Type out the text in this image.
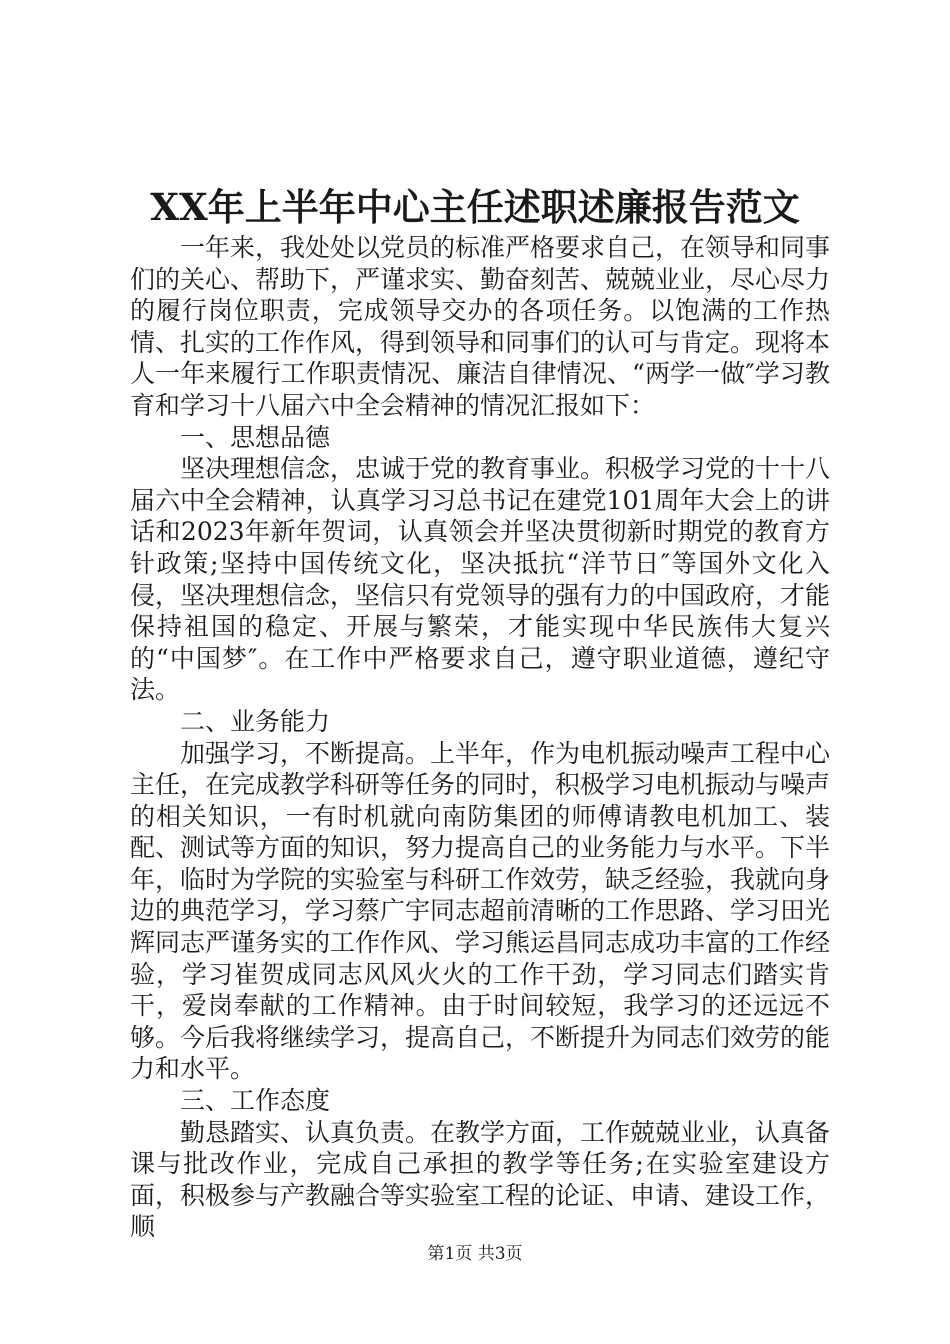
XX年上半年中心主任述职述廉报告范文

一年来，我处处以党员的标准严格要求自己，在领导和同事们的关心、帮助下，严谨求实、勤奋刻苦、兢兢业业，尽心尽力的履行岗位职责，完成领导交办的各项任务。以饱满的工作热情、扎实的工作作风，得到领导和同事们的认可与肯定。现将本人一年来履行工作职责情况、廉洁自律情况、“两学一做″学习教育和学习十八届六中全会精神的情况汇报如下：

一、思想品德

坚决理想信念，忠诚于党的教育事业。积极学习党的十十八届六中全会精神，认真学习习总书记在建党101周年大会上的讲话和2023年新年贺词，认真领会并坚决贯彻新时期党的教育方针政策;坚持中国传统文化，坚决抵抗“洋节日″等国外文化入侵，坚决理想信念，坚信只有党领导的强有力的中国政府，才能保持祖国的稳定、开展与繁荣，才能实现中华民族伟大复兴的“中国梦″。在工作中严格要求自己，遵守职业道德，遵纪守法。

二、业务能力

加强学习，不断提高。上半年，作为电机振动噪声工程中心主任，在完成教学科研等任务的同时，积极学习电机振动与噪声的相关知识，一有时机就向南防集团的师傅请教电机加工、装配、测试等方面的知识，努力提高自己的业务能力与水平。下半年，临时为学院的实验室与科研工作效劳，缺乏经验，我就向身边的典范学习，学习蔡广宇同志超前清晰的工作思路、学习田光辉同志严谨务实的工作作风、学习熊运昌同志成功丰富的工作经验，学习崔贺成同志风风火火的工作干劲，学习同志们踏实肯干，爱岗奉献的工作精神。由于时间较短，我学习的还远远不够。今后我将继续学习，提高自己，不断提升为同志们效劳的能力和水平。

三、工作态度

勤恳踏实、认真负责。在教学方面，工作兢兢业业，认真备课与批改作业，完成自己承担的教学等任务;在实验室建设方面，积极参与产教融合等实验室工程的论证、申请、建设工作，顺

第1页 共3页
